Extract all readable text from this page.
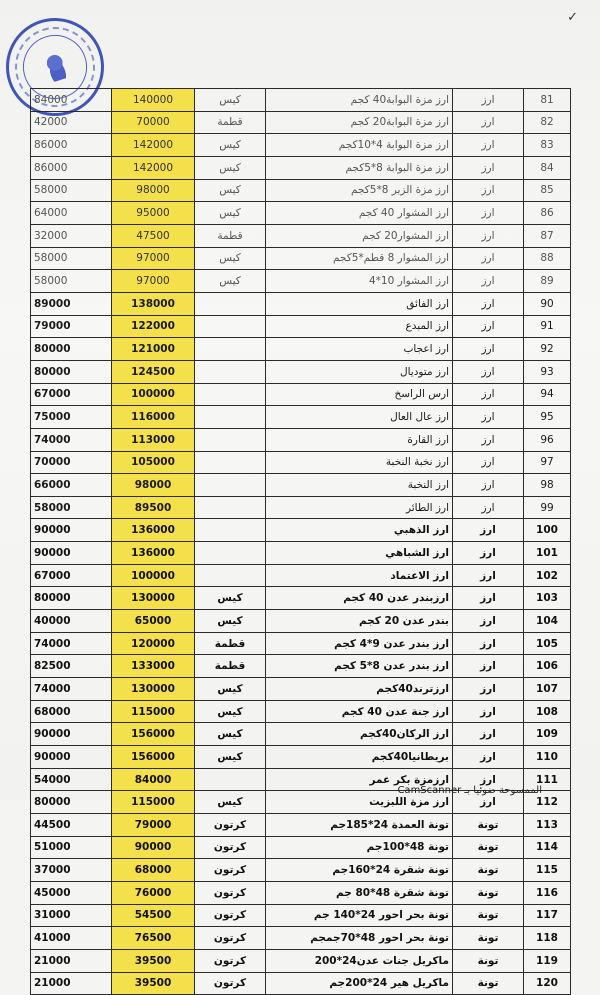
✓
84000	140000	كيس	ارز مزة البوابة40 كجم	ارز	81
42000	70000	قطمة	ارز مزة البوابة20 كجم	ارز	82
86000	142000	كيس	ارز مزة البوابة 4*10كجم	ارز	83
86000	142000	كيس	ارز مزة البوابة 8*5كجم	ارز	84
58000	98000	كيس	ارز مزة الزبر 8*5كجم	ارز	85
64000	95000	كيس	ارز المشوار 40 كجم	ارز	86
32000	47500	قطمة	ارز المشوار20 كجم	ارز	87
58000	97000	كيس	ارز المشوار 8 قطم*5كجم	ارز	88
58000	97000	كيس	ارز المشوار 10*4	ارز	89
89000	138000		ارز الفائق	ارز	90
79000	122000		ارز المبدع	ارز	91
80000	121000		ارز اعجاب	ارز	92
80000	124500		ارز متوديال	ارز	93
67000	100000		ارس الراسخ	ارز	94
75000	116000		ارز عال العال	ارز	95
74000	113000		ارز القارة	ارز	96
70000	105000		ارز نخبة النخبة	ارز	97
66000	98000		ارز النخبة	ارز	98
58000	89500		ارز الطائر	ارز	99
90000	136000		ارز الذهبي	ارز	100
90000	136000		ارز الشباهي	ارز	101
67000	100000		ارز الاعتماد	ارز	102
80000	130000	كيس	ارزبندر عدن 40 كجم	ارز	103
40000	65000	كيس	بندر عدن 20 كجم	ارز	104
74000	120000	قطمة	ارز بندر عدن 9*4 كجم	ارز	105
82500	133000	قطمة	ارز بندر عدن 8*5 كجم	ارز	106
74000	130000	كيس	ارزترند40كجم	ارز	107
68000	115000	كيس	ارز جنة عدن 40 كجم	ارز	108
90000	156000	كيس	ارز الركان40كجم	ارز	109
90000	156000	كيس	بريطانيا40كجم	ارز	110
54000	84000		ارزمزة بكر عمر	ارز	111
80000	115000	كيس	ارز مزة اللبزيت	ارز	112
44500	79000	كرتون	تونة العمدة 24*185جم	تونة	113
51000	90000	كرتون	تونة 48*100جم	تونة	114
37000	68000	كرتون	تونة شقرة 24*160جم	تونة	115
45000	76000	كرتون	تونة شقرة 48*80 جم	تونة	116
31000	54500	كرتون	تونة بحر احور 24*140 جم	تونة	117
41000	76500	كرتون	تونة بحر احور 48*70جمجم	تونة	118
21000	39500	كرتون	ماكريل جنات عدن24*200	تونة	119
21000	39500	كرتون	ماكريل هير 24*200جم	تونة	120
الممسوحة ضوئيا بـ CamScanner
